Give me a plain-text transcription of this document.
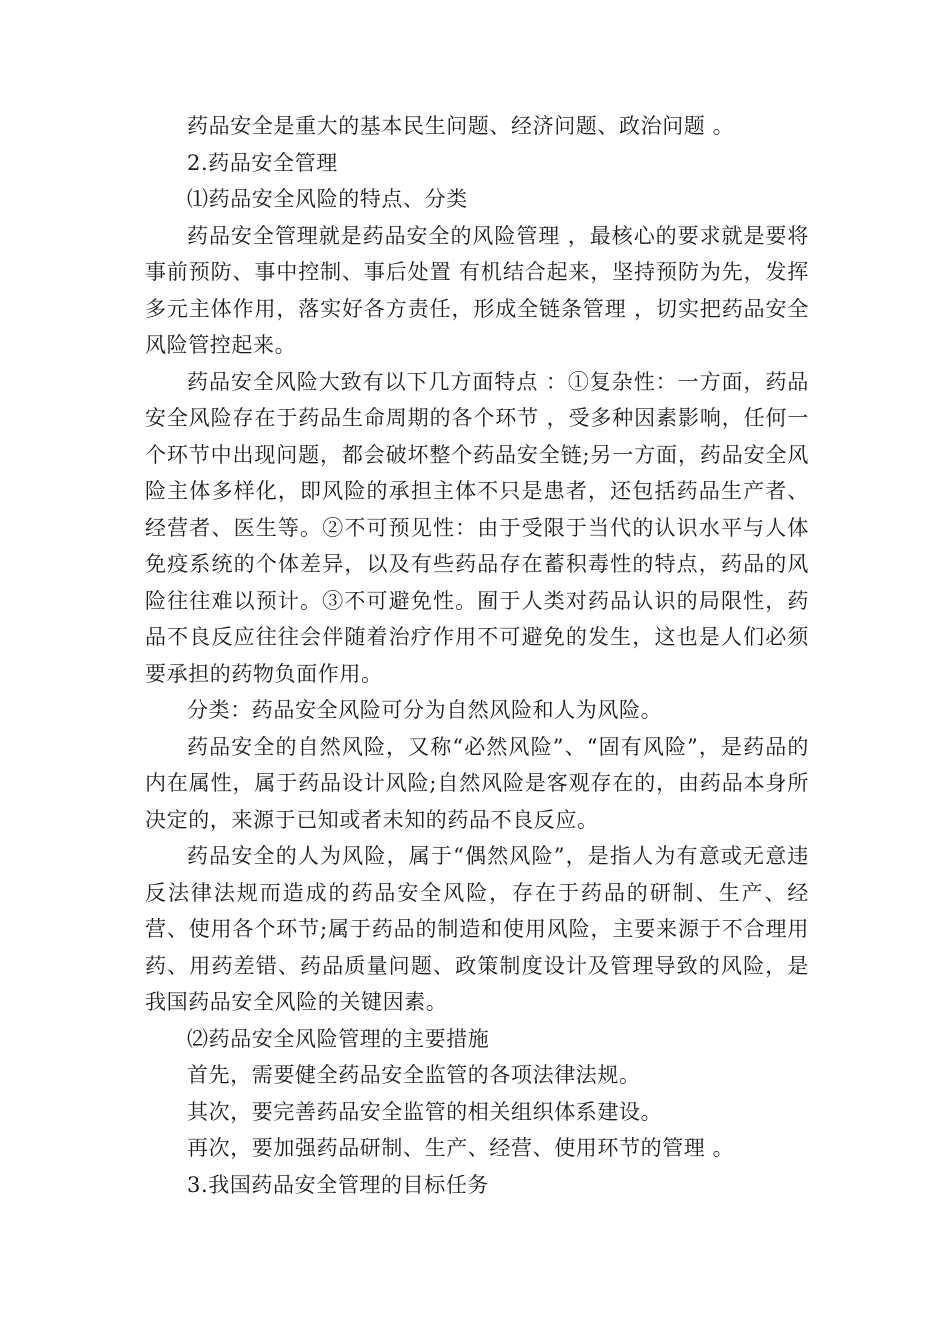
药品安全是重大的基本民生问题、经济问题、政治问题 。

2.药品安全管理

⑴药品安全风险的特点、分类

药品安全管理就是药品安全的风险管理 ，最核心的要求就是要将事前预防、事中控制、事后处置 有机结合起来，坚持预防为先，发挥多元主体作用，落实好各方责任，形成全链条管理 ，切实把药品安全风险管控起来。

药品安全风险大致有以下几方面特点 ：①复杂性：一方面，药品安全风险存在于药品生命周期的各个环节 ，受多种因素影响，任何一个环节中出现问题，都会破坏整个药品安全链;另一方面，药品安全风险主体多样化，即风险的承担主体不只是患者，还包括药品生产者、经营者、医生等。②不可预见性：由于受限于当代的认识水平与人体免疫系统的个体差异，以及有些药品存在蓄积毒性的特点，药品的风险往往难以预计。③不可避免性。囿于人类对药品认识的局限性，药品不良反应往往会伴随着治疗作用不可避免的发生，这也是人们必须要承担的药物负面作用。

分类：药品安全风险可分为自然风险和人为风险。

药品安全的自然风险，又称“必然风险”、“固有风险”，是药品的内在属性，属于药品设计风险;自然风险是客观存在的，由药品本身所决定的，来源于已知或者未知的药品不良反应。

药品安全的人为风险，属于“偶然风险”，是指人为有意或无意违反法律法规而造成的药品安全风险，存在于药品的研制、生产、经营、使用各个环节;属于药品的制造和使用风险，主要来源于不合理用药、用药差错、药品质量问题、政策制度设计及管理导致的风险，是我国药品安全风险的关键因素。

⑵药品安全风险管理的主要措施

首先，需要健全药品安全监管的各项法律法规。

其次，要完善药品安全监管的相关组织体系建设。

再次，要加强药品研制、生产、经营、使用环节的管理 。

3.我国药品安全管理的目标任务
